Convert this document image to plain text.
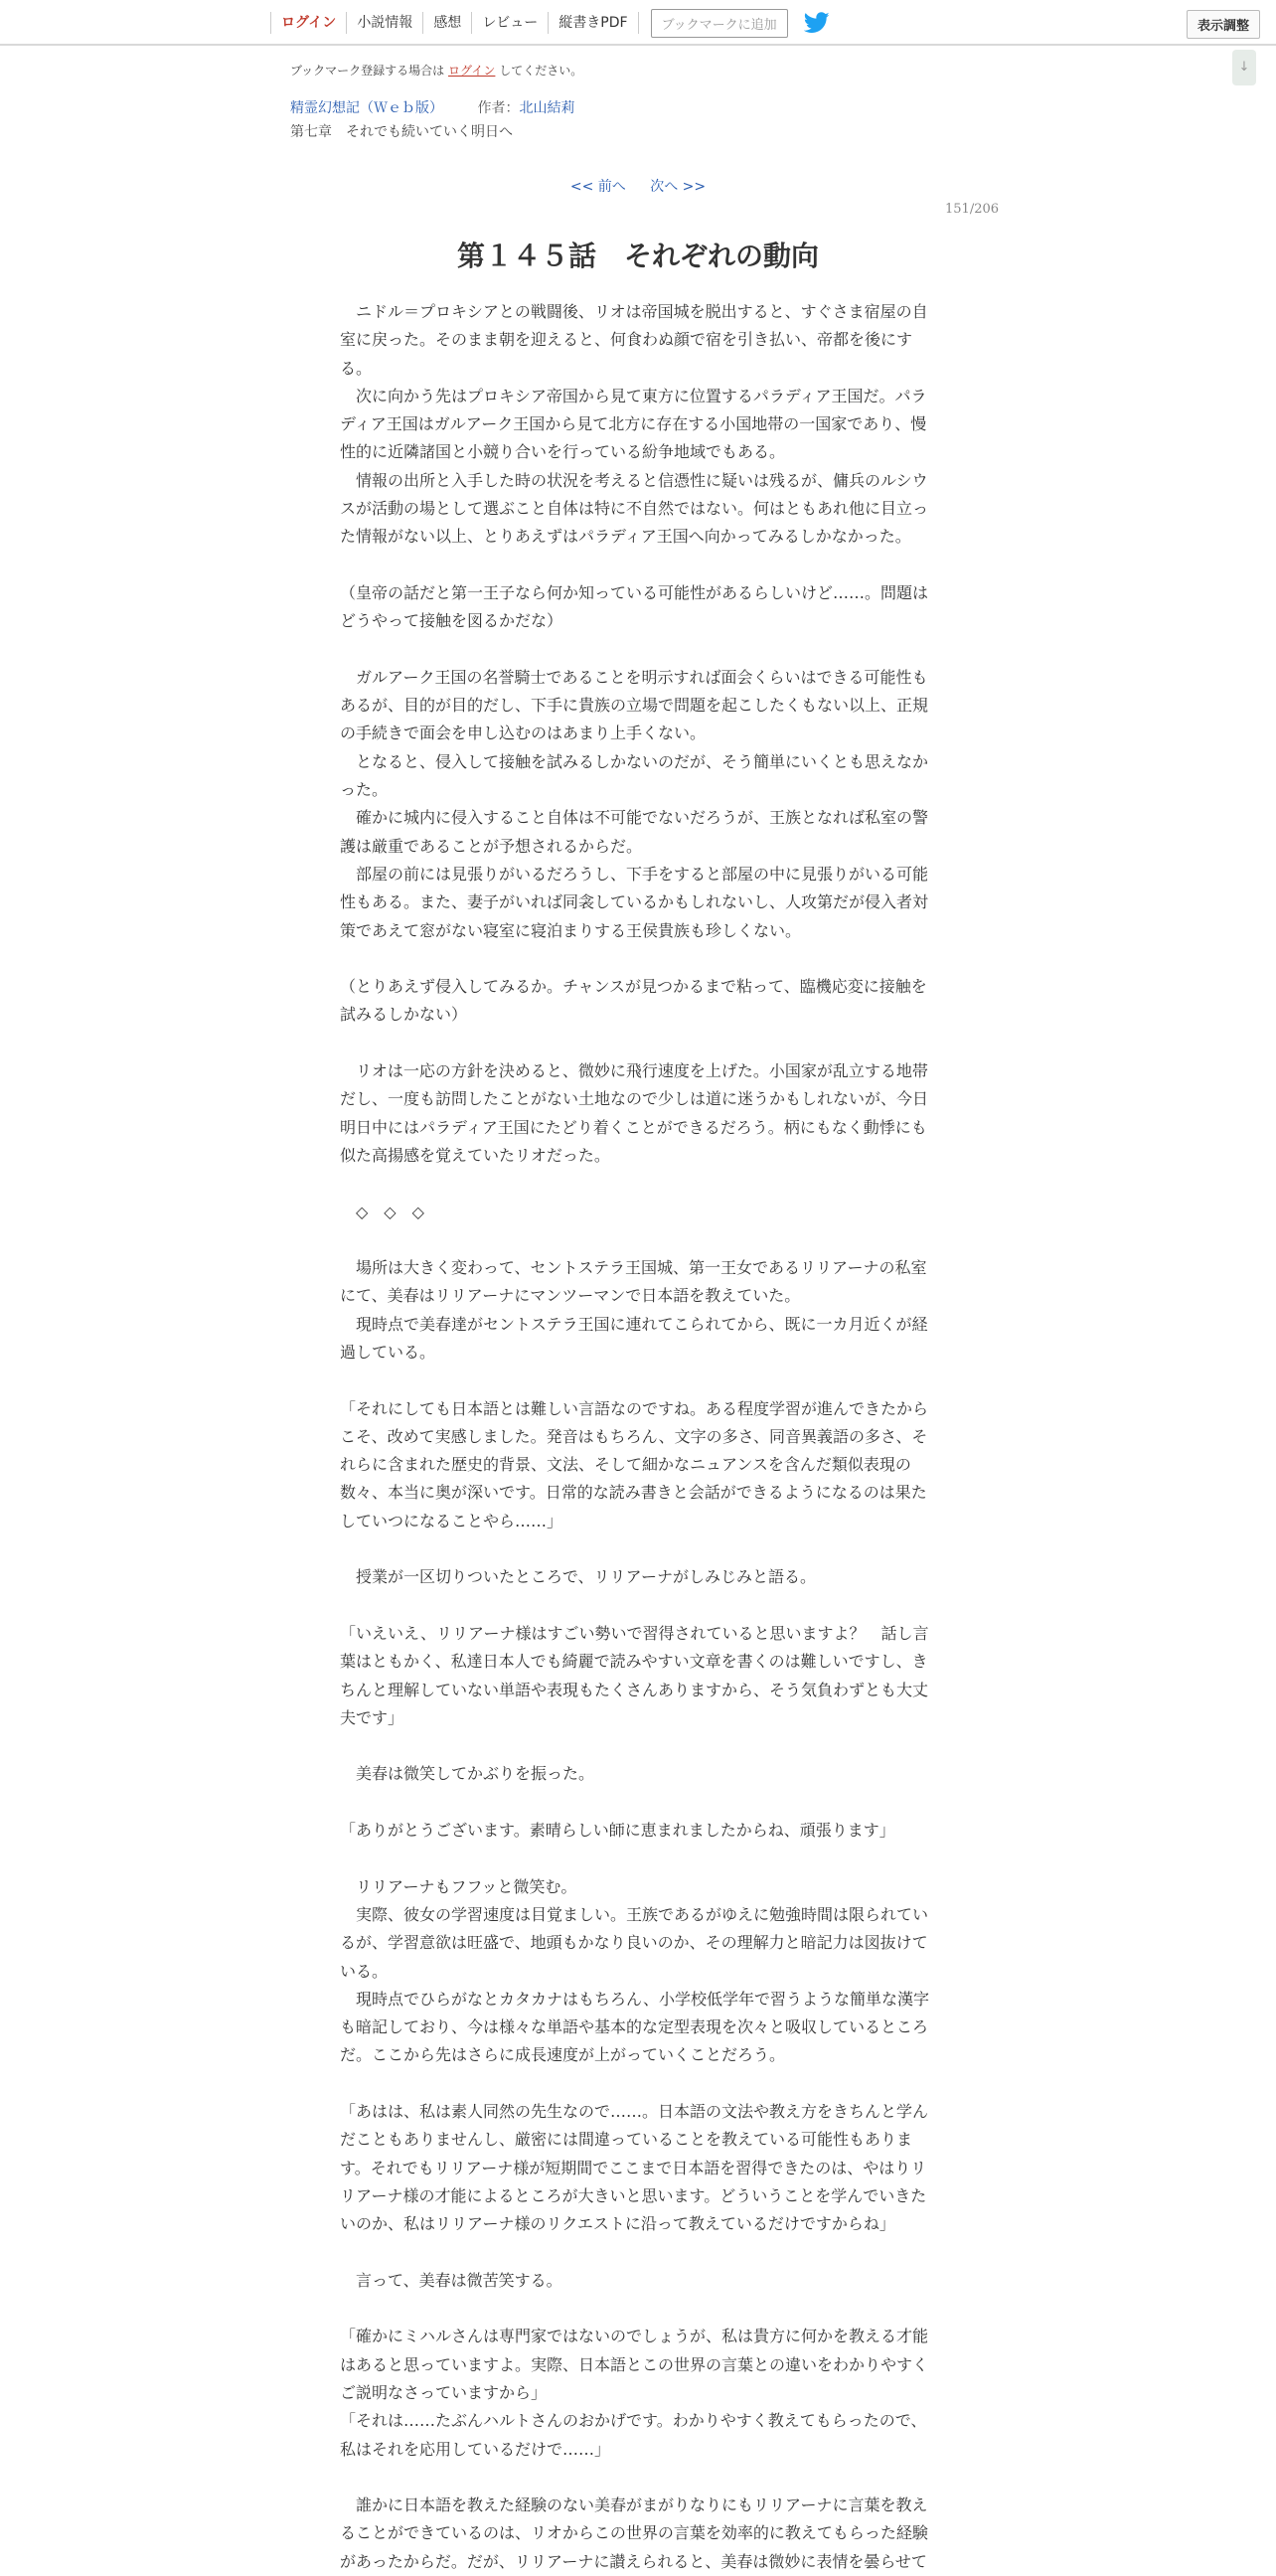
ログイン	小説情報	感想	レビュー	縦書きPDF	ブックマークに追加	表示調整
↓
ブックマーク登録する場合は ログイン してください。
精霊幻想記（Ｗｅｂ版） 作者：北山結莉
第七章　それでも続いていく明日へ
<< 前へ 次へ >>
151/206
第１４５話　それぞれの動向

　ニドル＝プロキシアとの戦闘後、リオは帝国城を脱出すると、すぐさま宿屋の自室に戻った。そのまま朝を迎えると、何食わぬ顔で宿を引き払い、帝都を後にする。

　次に向かう先はプロキシア帝国から見て東方に位置するパラディア王国だ。パラディア王国はガルアーク王国から見て北方に存在する小国地帯の一国家であり、慢性的に近隣諸国と小競り合いを行っている紛争地域でもある。

　情報の出所と入手した時の状況を考えると信憑性に疑いは残るが、傭兵のルシウスが活動の場として選ぶこと自体は特に不自然ではない。何はともあれ他に目立った情報がない以上、とりあえずはパラディア王国へ向かってみるしかなかった。

（皇帝の話だと第一王子なら何か知っている可能性があるらしいけど……。問題はどうやって接触を図るかだな）

　ガルアーク王国の名誉騎士であることを明示すれば面会くらいはできる可能性もあるが、目的が目的だし、下手に貴族の立場で問題を起こしたくもない以上、正規の手続きで面会を申し込むのはあまり上手くない。

　となると、侵入して接触を試みるしかないのだが、そう簡単にいくとも思えなかった。

　確かに城内に侵入すること自体は不可能でないだろうが、王族となれば私室の警護は厳重であることが予想されるからだ。

　部屋の前には見張りがいるだろうし、下手をすると部屋の中に見張りがいる可能性もある。また、妻子がいれば同衾しているかもしれないし、人攻第だが侵入者対策であえて窓がない寝室に寝泊まりする王侯貴族も珍しくない。

（とりあえず侵入してみるか。チャンスが見つかるまで粘って、臨機応変に接触を試みるしかない）

　リオは一応の方針を決めると、微妙に飛行速度を上げた。小国家が乱立する地帯だし、一度も訪問したことがない土地なので少しは道に迷うかもしれないが、今日明日中にはパラディア王国にたどり着くことができるだろう。柄にもなく動悸にも似た高揚感を覚えていたリオだった。

　◇　◇　◇

　場所は大きく変わって、セントステラ王国城、第一王女であるリリアーナの私室にて、美春はリリアーナにマンツーマンで日本語を教えていた。

　現時点で美春達がセントステラ王国に連れてこられてから、既に一カ月近くが経過している。

「それにしても日本語とは難しい言語なのですね。ある程度学習が進んできたからこそ、改めて実感しました。発音はもちろん、文字の多さ、同音異義語の多さ、それらに含まれた歴史的背景、文法、そして細かなニュアンスを含んだ類似表現の数々、本当に奥が深いです。日常的な読み書きと会話ができるようになるのは果たしていつになることやら……」

　授業が一区切りついたところで、リリアーナがしみじみと語る。

「いえいえ、リリアーナ様はすごい勢いで習得されていると思いますよ？　話し言葉はともかく、私達日本人でも綺麗で読みやすい文章を書くのは難しいですし、きちんと理解していない単語や表現もたくさんありますから、そう気負わずとも大丈夫です」

　美春は微笑してかぶりを振った。

「ありがとうございます。素晴らしい師に恵まれましたからね、頑張ります」

　リリアーナもフフッと微笑む。

　実際、彼女の学習速度は目覚ましい。王族であるがゆえに勉強時間は限られているが、学習意欲は旺盛で、地頭もかなり良いのか、その理解力と暗記力は図抜けている。

　現時点でひらがなとカタカナはもちろん、小学校低学年で習うような簡単な漢字も暗記しており、今は様々な単語や基本的な定型表現を次々と吸収しているところだ。ここから先はさらに成長速度が上がっていくことだろう。

「あはは、私は素人同然の先生なので……。日本語の文法や教え方をきちんと学んだこともありませんし、厳密には間違っていることを教えている可能性もあります。それでもリリアーナ様が短期間でここまで日本語を習得できたのは、やはりリリアーナ様の才能によるところが大きいと思います。どういうことを学んでいきたいのか、私はリリアーナ様のリクエストに沿って教えているだけですからね」

　言って、美春は微苦笑する。

「確かにミハルさんは専門家ではないのでしょうが、私は貴方に何かを教える才能はあると思っていますよ。実際、日本語とこの世界の言葉との違いをわかりやすくご説明なさっていますから」

「それは……たぶんハルトさんのおかげです。わかりやすく教えてもらったので、私はそれを応用しているだけで……」

　誰かに日本語を教えた経験のない美春がまがりなりにもリリアーナに言葉を教えることができているのは、リオからこの世界の言葉を効率的に教えてもらった経験があったからだ。だが、リリアーナに讃えられると、美春は微妙に表情を曇らせて
